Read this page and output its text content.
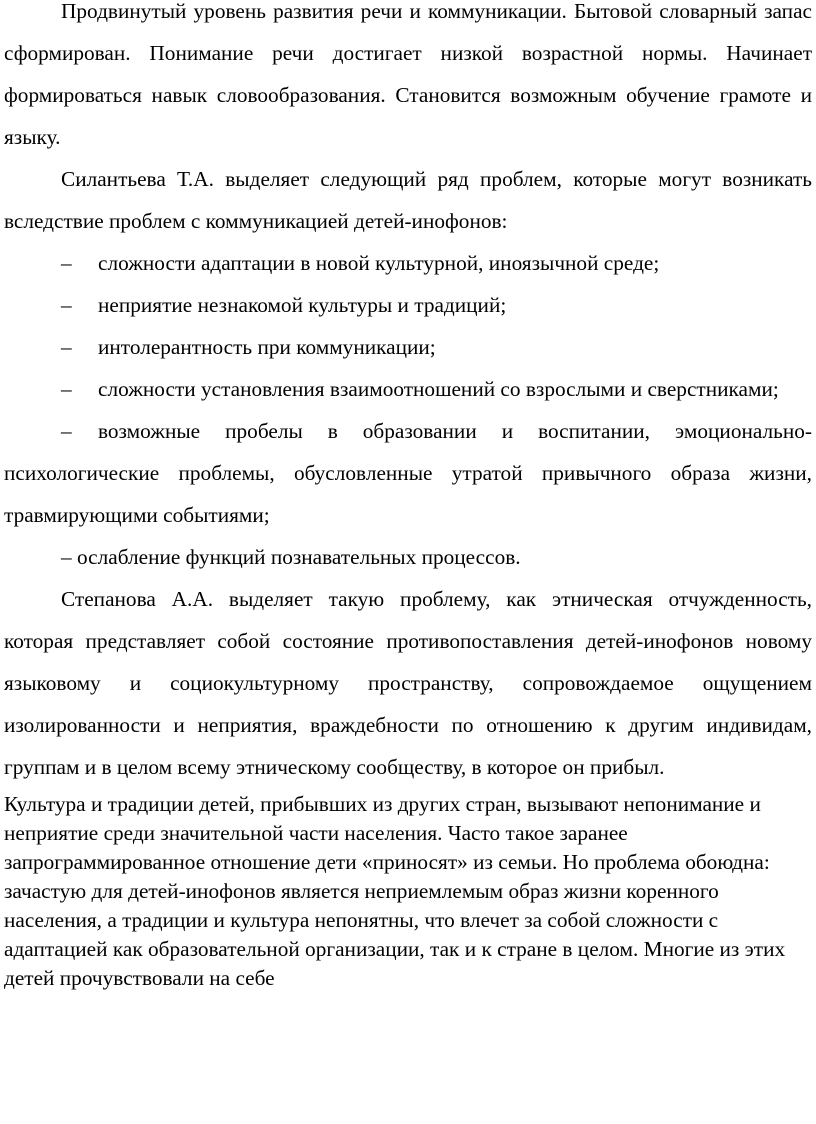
Продвинутый уровень развития речи и коммуникации. Бытовой словарный запас сформирован. Понимание речи достигает низкой возрастной нормы. Начинает формироваться навык словообразования. Становится возможным обучение грамоте и языку.

Силантьева Т.А. выделяет следующий ряд проблем, которые могут возникать вследствие проблем с коммуникацией детей-инофонов:

– сложности адаптации в новой культурной, иноязычной среде;

– неприятие незнакомой культуры и традиций;

– интолерантность при коммуникации;

– сложности установления взаимоотношений со взрослыми и сверстниками;

– возможные пробелы в образовании и воспитании, эмоционально-психологические проблемы, обусловленные утратой привычного образа жизни, травмирующими событиями;

– ослабление функций познавательных процессов.

Степанова А.А. выделяет такую проблему, как этническая отчужденность, которая представляет собой состояние противопоставления детей-инофонов новому языковому и социокультурному пространству, сопровождаемое ощущением изолированности и неприятия, враждебности по отношению к другим индивидам, группам и в целом всему этническому сообществу, в которое он прибыл.

Культура и традиции детей, прибывших из других стран, вызывают непонимание и неприятие среди значительной части населения. Часто такое заранее запрограммированное отношение дети «приносят» из семьи. Но проблема обоюдна: зачастую для детей-инофонов является неприемлемым образ жизни коренного населения, а традиции и культура непонятны, что влечет за собой сложности с адаптацией как образовательной организации, так и к стране в целом. Многие из этих детей прочувствовали на себе
